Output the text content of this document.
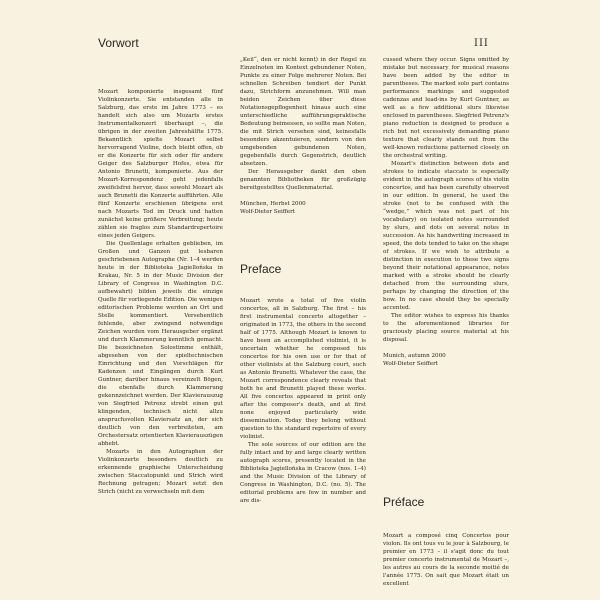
III
Vorwort

Mozart komponierte insgesamt fünf Violinkonzerte. Sie entstanden alle in Salzburg, das erste im Jahre 1773 – es handelt sich also um Mozarts erstes Instrumentalkonzert überhaupt –, die übrigen in der zweiten Jahreshälfte 1775. Bekanntlich spielte Mozart selbst hervorragend Violine, doch bleibt offen, ob er die Konzerte für sich oder für andere Geiger des Salzburger Hofes, etwa für Antonio Brunetti, komponierte. Aus der Mozart-Korrespondenz geht jedenfalls zweifelsfrei hervor, dass sowohl Mozart als auch Brunetti die Konzerte aufführten. Alle fünf Konzerte erschienen übrigens erst nach Mozarts Tod im Druck und hatten zunächst keine größere Verbreitung; heute zählen sie fraglos zum Standardrepertoire eines jeden Geigers.

Die Quellenlage erhalten geblieben, im Großen und Ganzen gut lesbaren geschriebenen Autographe (Nr. 1–4 werden heute in der Biblioteka Jagiellońska in Krakau, Nr. 5 in der Music Division der Library of Congress in Washington D.C. aufbewahrt) bilden jeweils die einzige Quelle für vorliegende Edition. Die wenigen editorischen Probleme werden an Ort und Stelle kommentiert. Versehentlich fehlende, aber zwingend notwendige Zeichen wurden vom Herausgeber ergänzt und durch Klammerung kenntlich gemacht. Die bezeichneten Solostimme enthält, abgesehen von der spieltechnischen Einrichtung und den Vorschlägen für Kadenzen und Eingängen durch Kurt Guntner, darüber hinaus vereinzelt Bögen, die ebenfalls durch Klammerung gekennzeichnet werden. Der Klavierauszug von Siegfried Petrenz strebt einen gut klingenden, technisch nicht allzu anspruchsvollen Klaviersatz an, der sich deutlich von den verbreiteten, am Orchestersatz orientierten Klavierauszügen abhebt.

Mozarts in den Autographen der Violinkonzerte besonders deutlich zu erkennende graphische Unterscheidung zwischen Staccatopunkt und Strich wird Rechnung getragen; Mozart setzt den Strich (nicht zu verwechseln mit dem

„Keil“, den er nicht kennt) in der Regel zu Einzelnoten im Kontext gebundener Noten, Punkte zu einer Folge mehrerer Noten. Bei schnellen Schreiben tendiert der Punkt dazu, Strichform anzunehmen. Will man beiden Zeichen über diese Notationsgepflogenheit hinaus auch eine unterschiedliche aufführungspraktische Bedeutung beimessen, so sollte man Noten, die mit Strich versehen sind, keinesfalls besonders akzentuieren, sondern von den umgebenden gebundenen Noten, gegebenfalls durch Gegenstrich, deutlich absetzen.

Der Herausgeber dankt den oben genannten Bibliotheken für großzügig bereitgestelltes Quellenmaterial.

München, Herbst 2000

Wolf-Dieter Seiffert

Preface

Mozart wrote a total of five violin concertos, all in Salzburg. The first – his first instrumental concerto altogether – originated in 1773, the others in the second half of 1775. Although Mozart is known to have been an accomplished violinist, it is uncertain whether he composed his concertos for his own use or for that of other violinists at the Salzburg court, such as Antonio Brunetti. Whatever the case, the Mozart correspondence clearly reveals that both he and Brunetti played these works. All five concertos appeared in print only after the composer's death, and at first none enjoyed particularly wide dissemination. Today they belong without question to the standard repertoire of every violinist.

The sole sources of our edition are the fully intact and by and large clearly written autograph scores, presently located in the Biblioteka Jagiellońska in Cracow (nos. 1–4) and the Music Division of the Library of Congress in Washington, D.C. (no. 5). The editorial problems are few in number and are dis-

cussed where they occur. Signs omitted by mistake but necessary for musical reasons have been added by the editor in parentheses. The marked solo part contains performance markings and suggested cadenzas and lead-ins by Kurt Guntner, as well as a few additional slurs likewise enclosed in parentheses. Siegfried Petrenz's piano reduction is designed to produce a rich but not excessively demanding piano texture that clearly stands out from the well-known reductions patterned closely on the orchestral writing.

Mozart's distinction between dots and strokes to indicate staccato is especially evident in the autograph scores of his violin concertos, and has been carefully observed in our edition. In general, he used the stroke (not to be confused with the “wedge,” which was not part of his vocabulary) on isolated notes surrounded by slurs, and dots on several notes in succession. As his handwriting increased in speed, the dots tended to take on the shape of strokes. If we wish to attribute a distinction in execution to these two signs beyond their notational appearance, notes marked with a stroke should be clearly detached from the surrounding slurs, perhaps by changing the direction of the bow. In no case should they be specially accented.

The editor wishes to express his thanks to the aforementioned libraries for graciously placing source material at his disposal.

Munich, autumn 2000

Wolf-Dieter Seiffert

Préface

Mozart a composé cinq Concertos pour violon. Ils ont tous vu le jour à Salzbourg, le premier en 1773 – il s'agit donc du tout premier concerto instrumental de Mozart –, les autres au cours de la seconde moitié de l'année 1775. On sait que Mozart était un excellent
